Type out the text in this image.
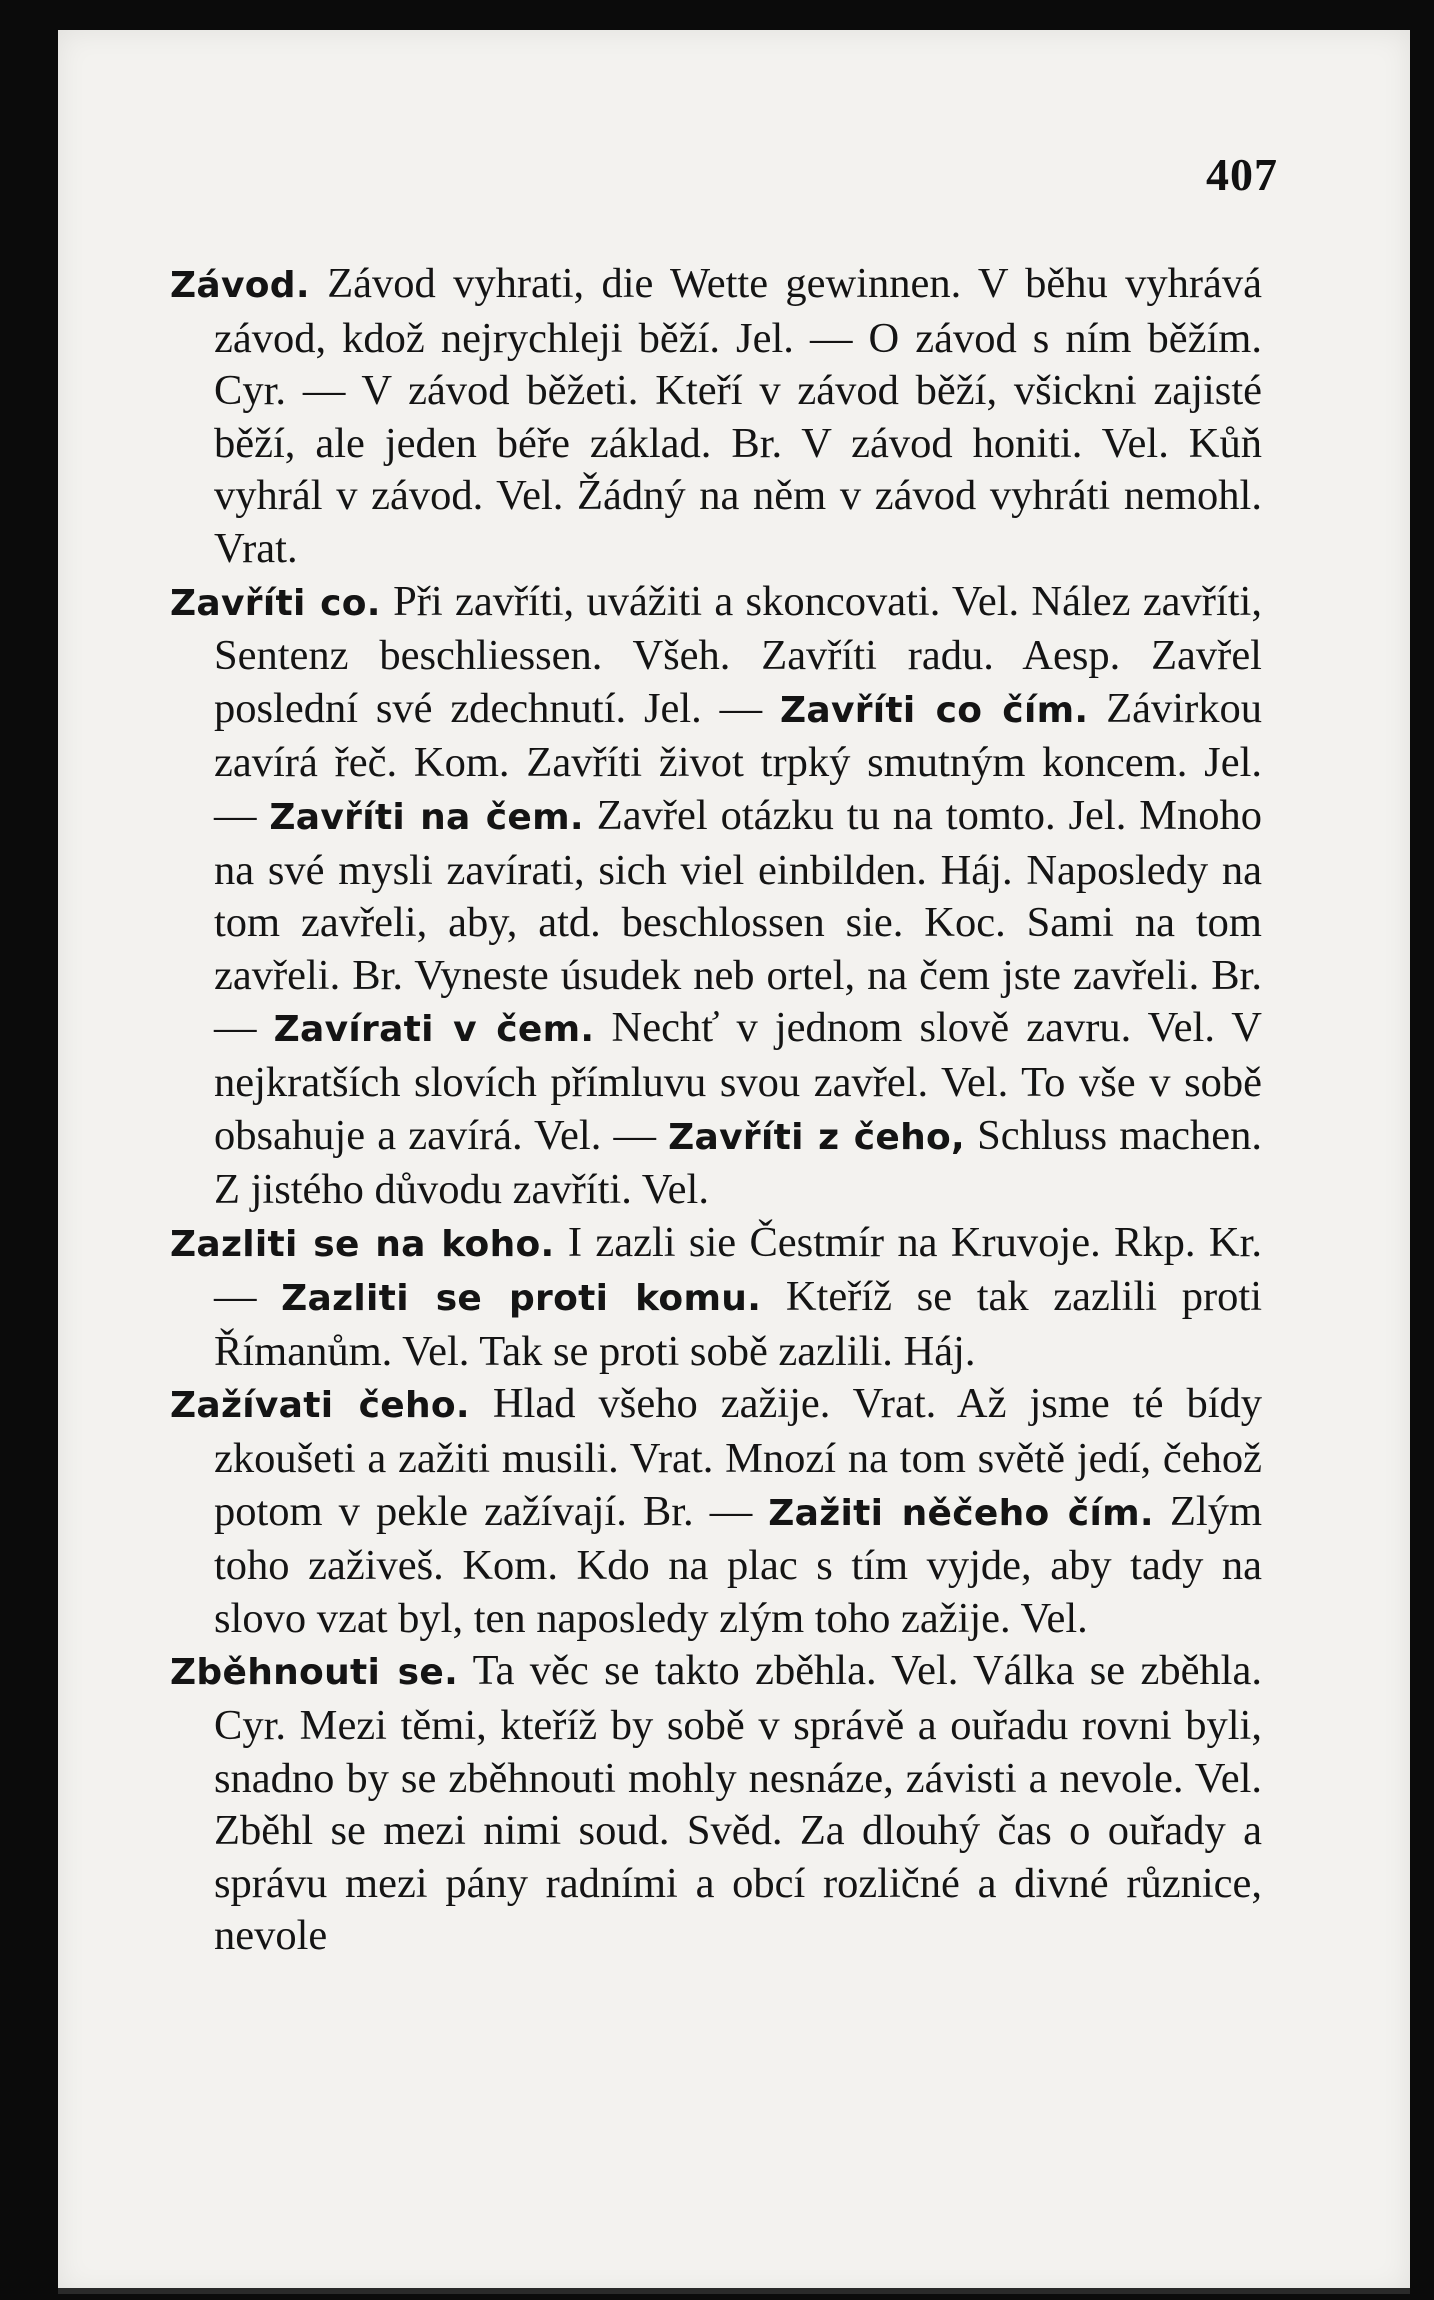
407

Závod. Závod vyhrati, die Wette gewinnen. V běhu vyhrává závod, kdož nejrychleji běží. Jel. — O závod s ním běžím. Cyr. — V závod běžeti. Kteří v závod běží, všickni zajisté běží, ale jeden béře základ. Br. V závod honiti. Vel. Kůň vyhrál v závod. Vel. Žádný na něm v závod vyhráti nemohl. Vrat.

Zavříti co. Při zavříti, uvážiti a skoncovati. Vel. Nález zavříti, Sentenz beschliessen. Všeh. Zavříti radu. Aesp. Zavřel poslední své zdechnutí. Jel. — Zavříti co čím. Závirkou zavírá řeč. Kom. Zavříti život trpký smutným koncem. Jel. — Zavříti na čem. Zavřel otázku tu na tomto. Jel. Mnoho na své mysli zavírati, sich viel einbilden. Háj. Naposledy na tom zavřeli, aby, atd. beschlossen sie. Koc. Sami na tom zavřeli. Br. Vyneste úsudek neb ortel, na čem jste zavřeli. Br. — Zavírati v čem. Nechť v jednom slově zavru. Vel. V nejkratších slovích přímluvu svou zavřel. Vel. To vše v sobě obsahuje a zavírá. Vel. — Zavříti z čeho, Schluss machen. Z jistého důvodu zavříti. Vel.

Zazliti se na koho. I zazli sie Čestmír na Kruvoje. Rkp. Kr. — Zazliti se proti komu. Kteříž se tak zazlili proti Římanům. Vel. Tak se proti sobě zazlili. Háj.

Zažívati čeho. Hlad všeho zažije. Vrat. Až jsme té bídy zkoušeti a zažiti musili. Vrat. Mnozí na tom světě jedí, čehož potom v pekle zažívají. Br. — Zažiti něčeho čím. Zlým toho zaživeš. Kom. Kdo na plac s tím vyjde, aby tady na slovo vzat byl, ten naposledy zlým toho zažije. Vel.

Zběhnouti se. Ta věc se takto zběhla. Vel. Válka se zběhla. Cyr. Mezi těmi, kteříž by sobě v správě a ouřadu rovni byli, snadno by se zběhnouti mohly nesnáze, závisti a nevole. Vel. Zběhl se mezi nimi soud. Svěd. Za dlouhý čas o ouřady a správu mezi pány radními a obcí rozličné a divné různice, nevole
